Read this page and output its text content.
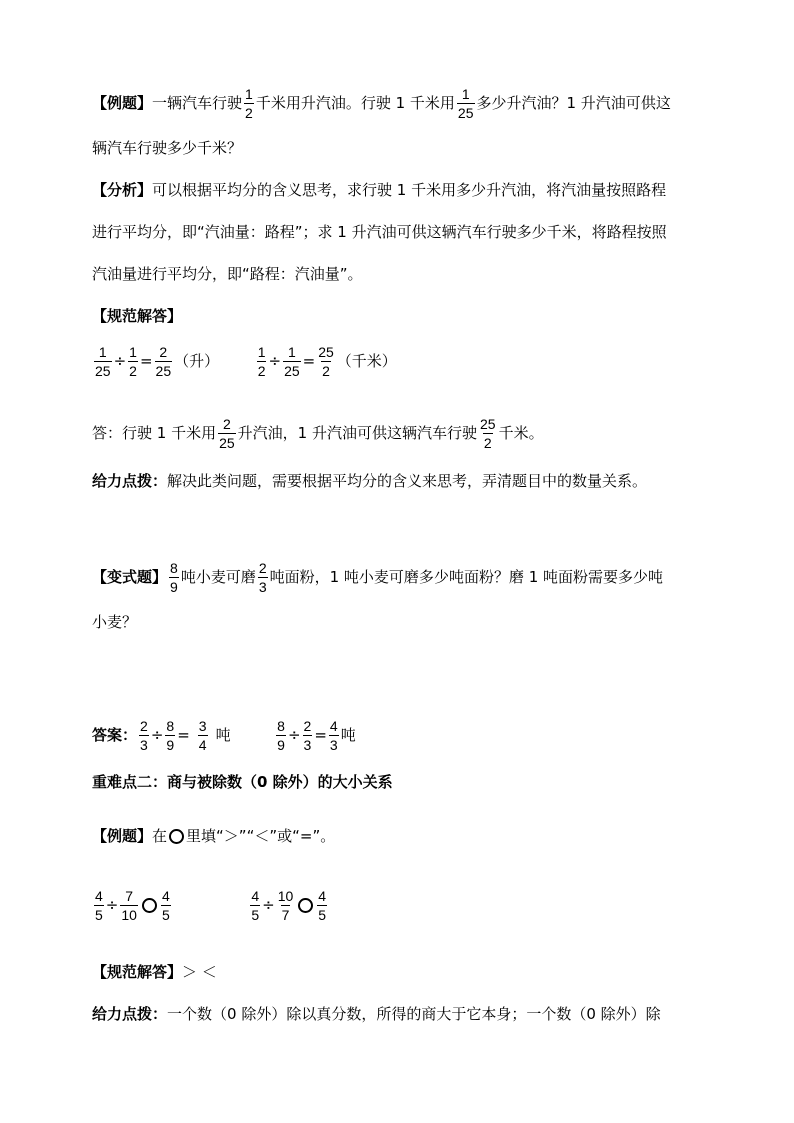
【例题】一辆汽车行驶 $\frac{1}{2}$ 千米用升汽油。行驶 1 千米用 $\frac{1}{25}$ 多少升汽油？1 升汽油可供这
辆汽车行驶多少千米？
【分析】可以根据平均分的含义思考，求行驶 1 千米用多少升汽油，将汽油量按照路程
进行平均分，即“汽油量：路程”；求 1 升汽油可供这辆汽车行驶多少千米，将路程按照
汽油量进行平均分，即“路程：汽油量”。
【规范解答】
$\frac{1}{25} \div \frac{1}{2} = \frac{2}{25}$ （升）	$\frac{1}{2} \div \frac{1}{25} = \frac{25}{2}$ （千米）
答：行驶 1 千米用 $\frac{2}{25}$ 升汽油，1 升汽油可供这辆汽车行驶 $\frac{25}{2}$ 千米。
给力点拨：解决此类问题，需要根据平均分的含义来思考，弄清题目中的数量关系。
【变式题】 $\frac{8}{9}$ 吨小麦可磨 $\frac{2}{3}$ 吨面粉，1 吨小麦可磨多少吨面粉？磨 1 吨面粉需要多少吨
小麦？
答案： $\frac{2}{3} \div \frac{8}{9} = \frac{3}{4}$ 吨	$\frac{8}{9} \div \frac{2}{3} = \frac{4}{3}$ 吨
重难点二：商与被除数（0 除外）的大小关系
【例题】在 里填“＞”“＜”或“=”。
$\frac{4}{5} \div \frac{7}{10} \frac{4}{5}$
	$\frac{4}{5} \div \frac{10}{7} \frac{4}{5}$
【规范解答】＞ ＜
给力点拨：一个数（0 除外）除以真分数，所得的商大于它本身；一个数（0 除外）除
